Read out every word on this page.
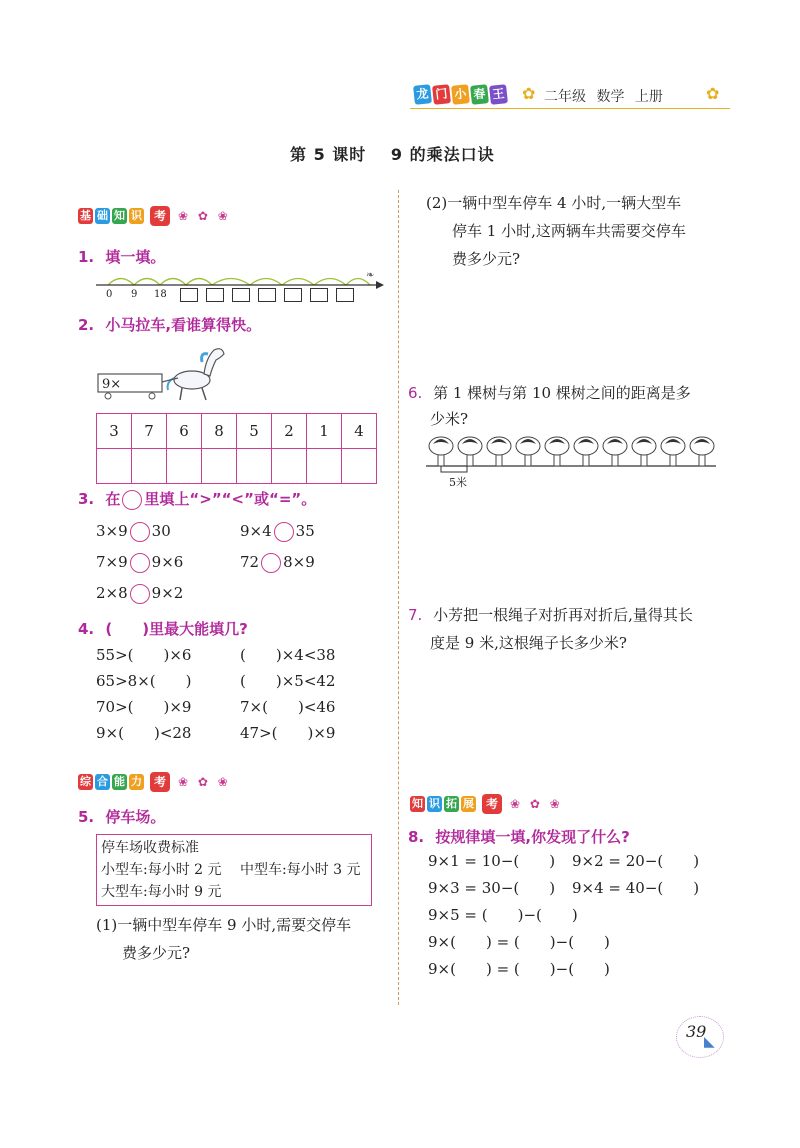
龙 门 小 春 王 ✿ 二年级 数学 上册	✿
第 5 课时 9 的乘法口诀
基 础 知 识 考	❀ ✿ ❀
1. 填一填。
❧
0 9 18
2. 小马拉车,看谁算得快。
9×
3	7	6	8	5	2	1	4

3. 在 里填上“>”“<”或“=”。
3×9 30	9×4 35
7×9 9×6	72 8×9
2×8 9×2
4. (　　)里最大能填几?
55>(　　)×6	(　　)×4<38
65>8×(　　)	(　　)×5<42
70>(　　)×9	7×(　　)<46
9×(　　)<28	47>(　　)×9
综 合 能 力 考	❀ ✿ ❀
5. 停车场。
停车场收费标准
小型车:每小时 2 元 中型车:每小时 3 元
大型车:每小时 9 元
(1)一辆中型车停车 9 小时,需要交停车
费多少元?
(2)一辆中型车停车 4 小时,一辆大型车
停车 1 小时,这两辆车共需要交停车
费多少元?
6. 第 1 棵树与第 10 棵树之间的距离是多
少米?
5米
7. 小芳把一根绳子对折再对折后,量得其长
度是 9 米,这根绳子长多少米?
知 识 拓 展 考	❀ ✿ ❀
8. 按规律填一填,你发现了什么?
9×1 = 10−(　　) 9×2 = 20−(　　)
9×3 = 30−(　　) 9×4 = 40−(　　)
9×5 = (　　)−(　　)
9×(　　) = (　　)−(　　)
9×(　　) = (　　)−(　　)
39
◣
